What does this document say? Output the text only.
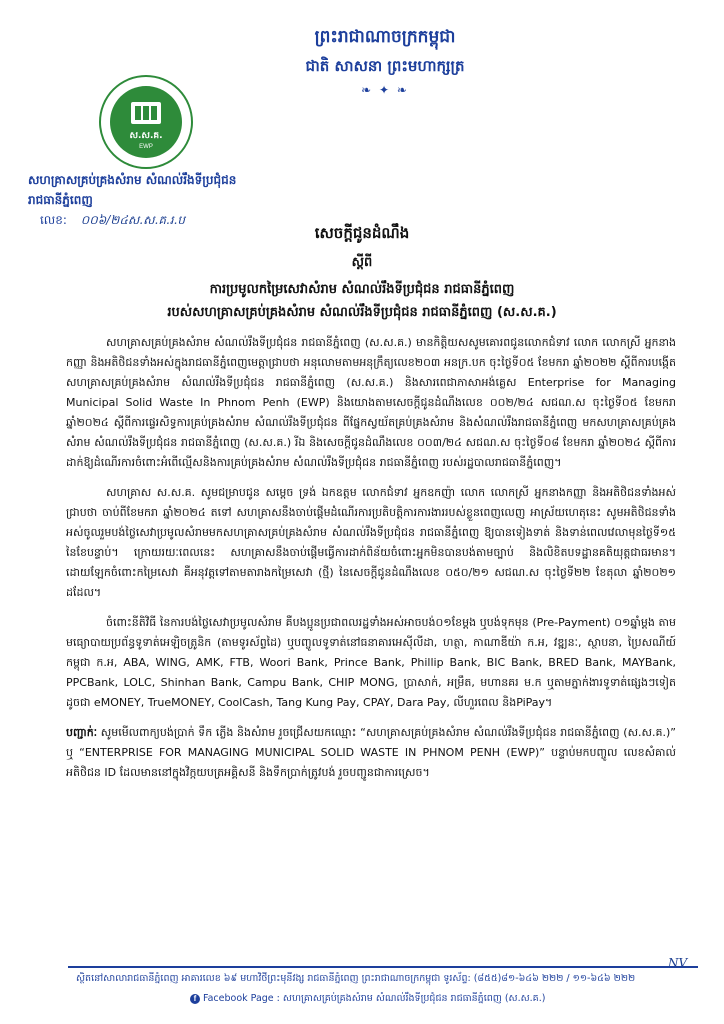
ព្រះរាជាណាចក្រកម្ពុជា
ជាតិ សាសនា ព្រះមហាក្សត្រ
❧ ✦ ❧
ស.ស.គ.
EWP
សហគ្រាសគ្រប់គ្រងសំរាម សំណល់រឹងទីប្រជុំជន
រាជធានីភ្នំពេញ
លេខ: ០០៦/២៤ស.ស.គ.រ.ប
សេចក្តីជូនដំណឹង
ស្តីពី
ការប្រមូលកម្រៃសេវាសំរាម សំណល់រឹងទីប្រជុំជន រាជធានីភ្នំពេញ
របស់សហគ្រាសគ្រប់គ្រងសំរាម សំណល់រឹងទីប្រជុំជន រាជធានីភ្នំពេញ (ស.ស.គ.)

សហគ្រាសគ្រប់គ្រងសំរាម សំណល់រឹងទីប្រជុំជន រាជធានីភ្នំពេញ (ស.ស.គ.) មានកិត្តិយសសូមគោរពជូនលោកជំទាវ លោក លោកស្រី អ្នកនាងកញ្ញា និងអតិថិជនទាំងអស់ក្នុងរាជធានីភ្នំពេញមេត្តាជ្រាបថា អនុលោមតាមអនុក្រឹត្យលេខ២០៣ អនក្រ.បក ចុះថ្ងៃទី០៥ ខែមករា ឆ្នាំ២០២២ ស្តីពីការបង្កើត សហគ្រាសគ្រប់គ្រងសំរាម សំណល់រឹងទីប្រជុំជន រាជធានីភ្នំពេញ (ស.ស.គ.) និងសារពេជាភាសាអង់គ្លេស Enterprise for Managing Municipal Solid Waste In Phnom Penh (EWP) និងយោងតាមសេចក្តីជូនដំណឹងលេខ ០០២/២៤ សជណ.ស ចុះថ្ងៃទី០៥ ខែមករា ឆ្នាំ២០២៤ ស្តីពីការផ្ទេរសិទ្ធការគ្រប់គ្រងសំរាម សំណល់រឹងទីប្រជុំជន ពីផ្នែកស្វយ័តគ្រប់គ្រងសំរាម និងសំណល់រឹងរាជធានីភ្នំពេញ មកសហគ្រាសគ្រប់គ្រងសំរាម សំណល់រឹងទីប្រជុំជន រាជធានីភ្នំពេញ (ស.ស.គ.) រីឯ និងសេចក្តីជូនដំណឹងលេខ ០០៣/២៤ សជណ.ស ចុះថ្ងៃទី០៨ ខែមករា ឆ្នាំ២០២៤ ស្តីពីការដាក់ឱ្យដំណើរការចំពោះអំពើល្មើសនិងការគ្រប់គ្រងសំរាម សំណល់រឹងទីប្រជុំជន រាជធានីភ្នំពេញ របស់រដ្ឋបាលរាជធានីភ្នំពេញ។

សហគ្រាស ស.ស.គ. សូមជម្រាបជូន សម្តេច ទ្រង់ ឯកឧត្តម លោកជំទាវ អ្នកឧកញ៉ា លោក លោកស្រី អ្នកនាងកញ្ញា និងអតិថិជនទាំងអស់ ជ្រាបថា ចាប់ពីខែមករា ឆ្នាំ២០២៤ តទៅ សហគ្រាសនឹងចាប់ផ្តើមដំណើរការប្រតិបត្តិការការងាររបស់ខ្លួនពេញលេញ អាស្រ័យហេតុនេះ សូមអតិថិជនទាំងអស់ចូលរួមបង់ថ្លៃសេវាប្រមូលសំរាមមកសហគ្រាសគ្រប់គ្រងសំរាម សំណល់រឹងទីប្រជុំជន រាជធានីភ្នំពេញ ឱ្យបានទៀងទាត់ និងទាន់ពេលវេលាមុនថ្ងៃទី១៥ នៃខែបន្ទាប់។ ក្រោយរយៈពេលនេះ សហគ្រាសនឹងចាប់ផ្តើមធ្វើការដាក់ពិន័យចំពោះអ្នកមិនបានបង់តាមច្បាប់ និងលិខិតបទដ្ឋានគតិយុត្តជាធរមាន។ ដោយឡែកចំពោះកម្រៃសេវា គឺអនុវត្តទៅតាមតារាងកម្រៃសេវា (ថ្មី) នៃសេចក្តីជូនដំណឹងលេខ ០៥០/២១ សជណ.ស ចុះថ្ងៃទី២២ ខែតុលា ឆ្នាំ២០២១ ដដែល។

ចំពោះនីតិវិធី នៃការបង់ថ្លៃសេវាប្រមូលសំរាម គឺបងប្អូនប្រជាពលរដ្ឋទាំងអស់អាចបង់០១ខែម្តង ឬបង់ទុកមុន (Pre-Payment) ០១ឆ្នាំម្តង តាមមធ្យោបាយប្រព័ន្ធទូទាត់អេឡិចត្រូនិក (តាមទូរស័ព្ទដៃ) ឬបញ្ចូលទូទាត់នៅធនាគារអេស៊ីលីដា, ហត្ថា, កាណាឌីយ៉ា ក.អ, វឌ្ឍនៈ, ស្ថាបនា, ប្រៃសណីយ៍កម្ពុជា ក.អ, ABA, WING, AMK, FTB, Woori Bank, Prince Bank, Phillip Bank, BIC Bank, BRED Bank, MAYBank, PPCBank, LOLC, Shinhan Bank, Campu Bank, CHIP MONG, ប្រាសាក់, អម្រឹត, មហានគរ ម.ក ឬតាមភ្នាក់ងារទូទាត់ផ្សេងៗទៀត ដូចជា eMONEY, TrueMONEY, CoolCash, Tang Kung Pay, CPAY, Dara Pay, លីហួរពេល និងPiPay។

បញ្ជាក់ៈ សូមមើលពាក្យបង់ប្រាក់ ទឹក ភ្លើង និងសំរាម រួចជ្រើសយកឈ្មោះ “សហគ្រាសគ្រប់គ្រងសំរាម សំណល់រឹងទីប្រជុំជន រាជធានីភ្នំពេញ (ស.ស.គ.)” ឬ “ENTERPRISE FOR MANAGING MUNICIPAL SOLID WASTE IN PHNOM PENH (EWP)” បន្ទាប់មកបញ្ចូល លេខសំគាល់អតិថិជន ID ដែលមាននៅក្នុងវិក្កយបត្រអគ្គិសនី និងទឹកប្រាក់ត្រូវបង់ រួចបញ្ជូនជាការស្រេច។
NV
ស្ថិតនៅសាលារាជធានីភ្នំពេញ អាគារលេខ ៦៩ មហាវិថីព្រះមុនីវង្ស រាជធានីភ្នំពេញ ព្រះរាជាណាចក្រកម្ពុជា ទូរស័ព្ទ: (៨៥៥)៨១-៦៤៦ ២២២ / ១១-៦៤៦ ២២២
f Facebook Page : សហគ្រាសគ្រប់គ្រងសំរាម សំណល់រឹងទីប្រជុំជន រាជធានីភ្នំពេញ (ស.ស.គ.)
